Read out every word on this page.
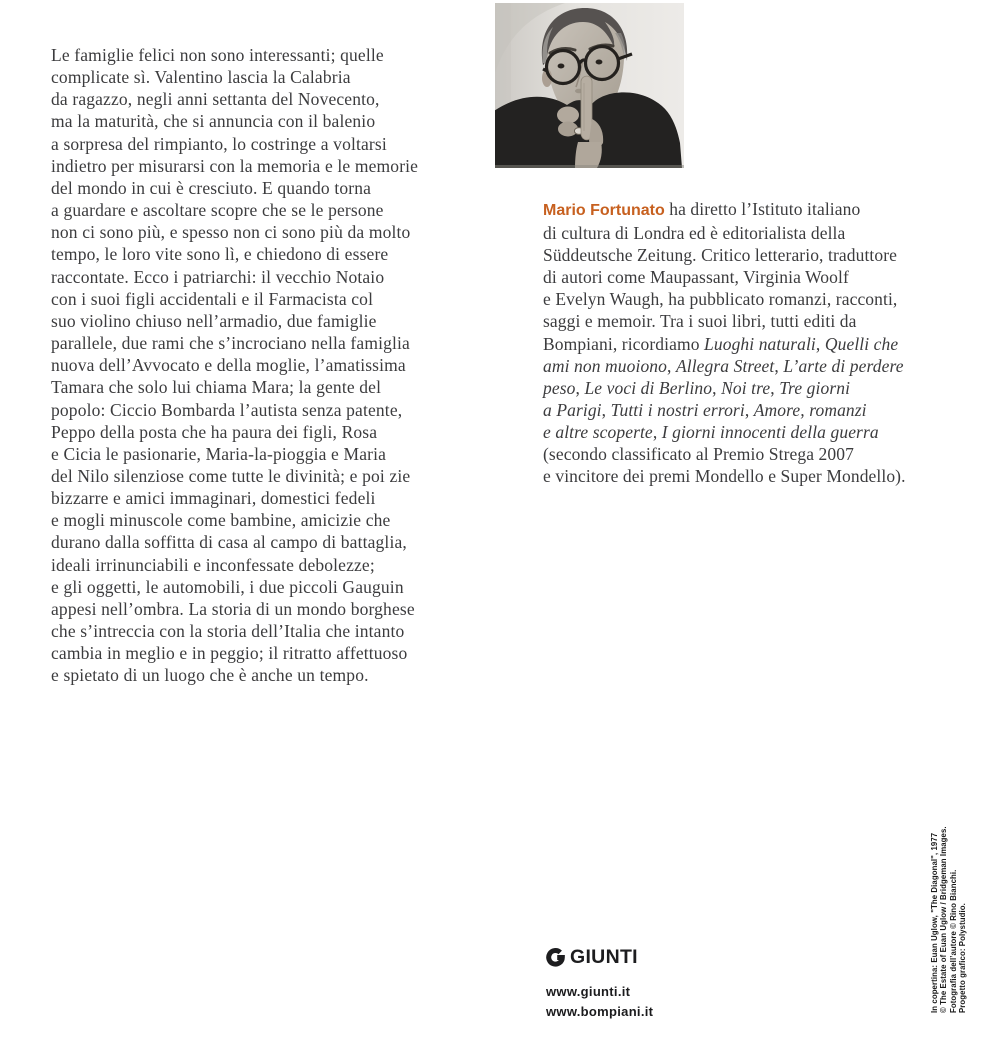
Le famiglie felici non sono interessanti; quelle
complicate sì. Valentino lascia la Calabria
da ragazzo, negli anni settanta del Novecento,
ma la maturità, che si annuncia con il balenio
a sorpresa del rimpianto, lo costringe a voltarsi
indietro per misurarsi con la memoria e le memorie
del mondo in cui è cresciuto. E quando torna
a guardare e ascoltare scopre che se le persone
non ci sono più, e spesso non ci sono più da molto
tempo, le loro vite sono lì, e chiedono di essere
raccontate. Ecco i patriarchi: il vecchio Notaio
con i suoi figli accidentali e il Farmacista col
suo violino chiuso nell’armadio, due famiglie
parallele, due rami che s’incrociano nella famiglia
nuova dell’Avvocato e della moglie, l’amatissima
Tamara che solo lui chiama Mara; la gente del
popolo: Ciccio Bombarda l’autista senza patente,
Peppo della posta che ha paura dei figli, Rosa
e Cicia le pasionarie, Maria-la-pioggia e Maria
del Nilo silenziose come tutte le divinità; e poi zie
bizzarre e amici immaginari, domestici fedeli
e mogli minuscole come bambine, amicizie che
durano dalla soffitta di casa al campo di battaglia,
ideali irrinunciabili e inconfessate debolezze;
e gli oggetti, le automobili, i due piccoli Gauguin
appesi nell’ombra. La storia di un mondo borghese
che s’intreccia con la storia dell’Italia che intanto
cambia in meglio e in peggio; il ritratto affettuoso
e spietato di un luogo che è anche un tempo.
Mario Fortunato ha diretto l’Istituto italiano
di cultura di Londra ed è editorialista della
Süddeutsche Zeitung. Critico letterario, traduttore
di autori come Maupassant, Virginia Woolf
e Evelyn Waugh, ha pubblicato romanzi, racconti,
saggi e memoir. Tra i suoi libri, tutti editi da
Bompiani, ricordiamo Luoghi naturali, Quelli che
ami non muoiono, Allegra Street, L’arte di perdere
peso, Le voci di Berlino, Noi tre, Tre giorni
a Parigi, Tutti i nostri errori, Amore, romanzi
e altre scoperte, I giorni innocenti della guerra
(secondo classificato al Premio Strega 2007
e vincitore dei premi Mondello e Super Mondello).
GIUNTI
www.giunti.it
www.bompiani.it	In copertina: Euan Uglow, "The Diagonal", 1977 © The Estate of Euan Uglow / Bridgeman Images. Fotografia dell’autore © Rino Bianchi. Progetto grafico: Polystudio.
